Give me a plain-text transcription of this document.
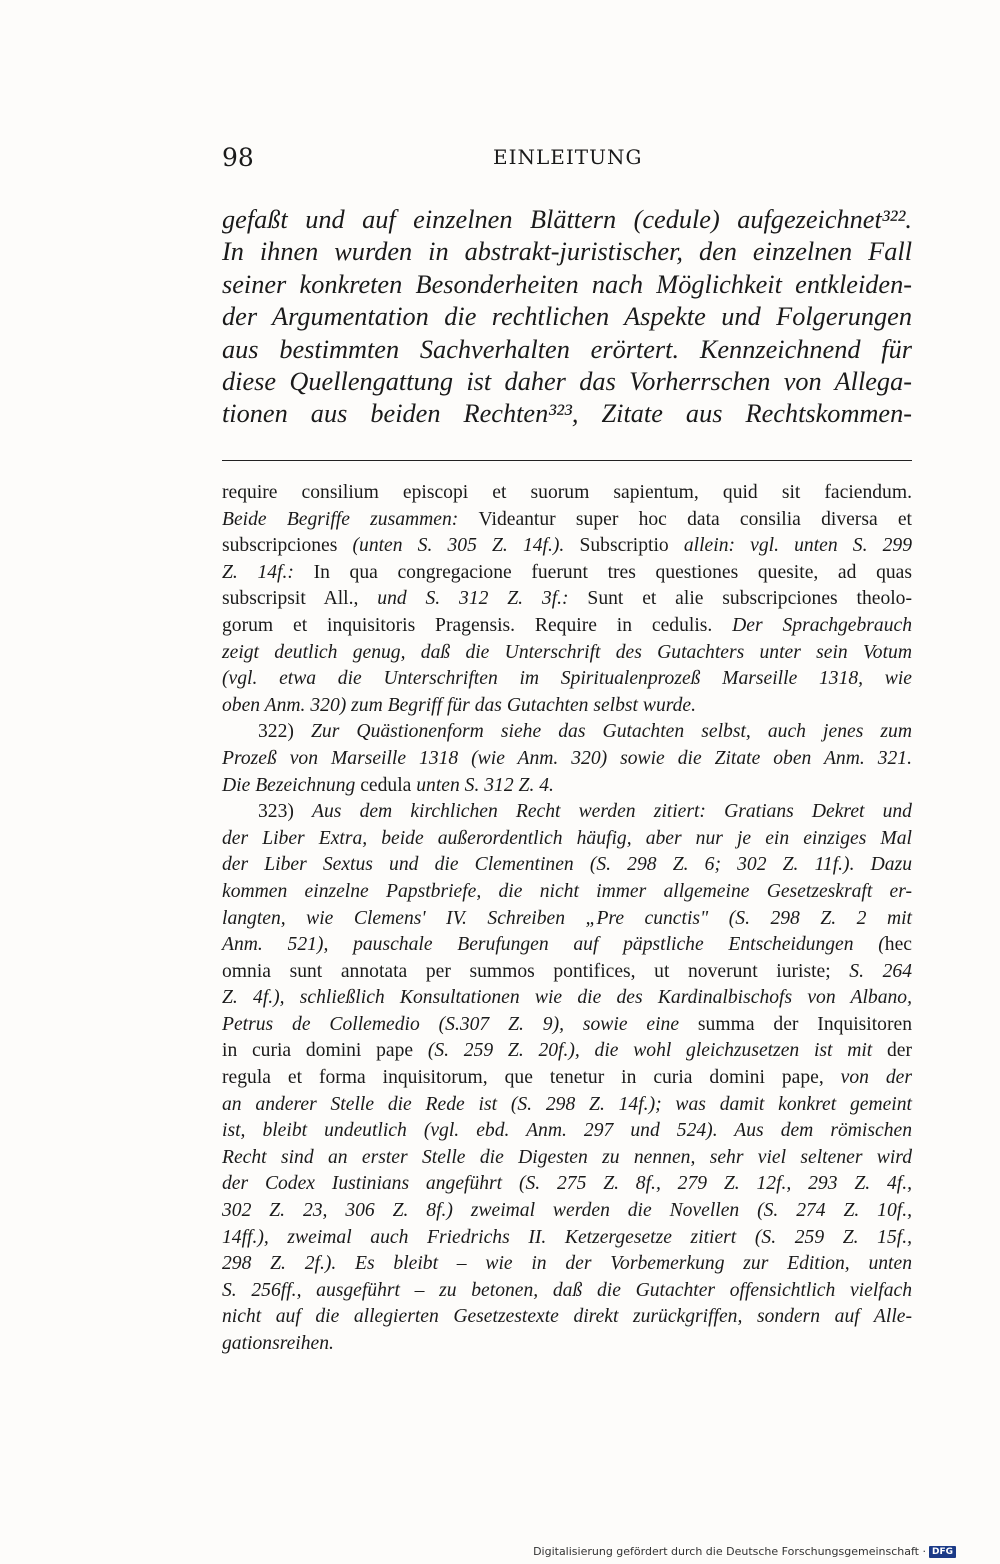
98	EINLEITUNG
gefaßt und auf einzelnen Blättern (cedule) aufgezeichnet³²².
In ihnen wurden in abstrakt-juristischer, den einzelnen Fall
seiner konkreten Besonderheiten nach Möglichkeit entkleiden-
der Argumentation die rechtlichen Aspekte und Folgerungen
aus bestimmten Sachverhalten erörtert. Kennzeichnend für
diese Quellengattung ist daher das Vorherrschen von Allega-
tionen aus beiden Rechten³²³, Zitate aus Rechtskommen-
require consilium episcopi et suorum sapientum, quid sit faciendum.
Beide Begriffe zusammen: Videantur super hoc data consilia diversa et
subscripciones (unten S. 305 Z. 14f.). Subscriptio allein: vgl. unten S. 299
Z. 14f.: In qua congregacione fuerunt tres questiones quesite, ad quas
subscripsit All., und S. 312 Z. 3f.: Sunt et alie subscripciones theolo-
gorum et inquisitoris Pragensis. Require in cedulis. Der Sprachgebrauch
zeigt deutlich genug, daß die Unterschrift des Gutachters unter sein Votum
(vgl. etwa die Unterschriften im Spiritualenprozeß Marseille 1318, wie
oben Anm. 320) zum Begriff für das Gutachten selbst wurde.
322) Zur Quästionenform siehe das Gutachten selbst, auch jenes zum
Prozeß von Marseille 1318 (wie Anm. 320) sowie die Zitate oben Anm. 321.
Die Bezeichnung cedula unten S. 312 Z. 4.
323) Aus dem kirchlichen Recht werden zitiert: Gratians Dekret und
der Liber Extra, beide außerordentlich häufig, aber nur je ein einziges Mal
der Liber Sextus und die Clementinen (S. 298 Z. 6; 302 Z. 11f.). Dazu
kommen einzelne Papstbriefe, die nicht immer allgemeine Gesetzeskraft er-
langten, wie Clemens' IV. Schreiben „Pre cunctis" (S. 298 Z. 2 mit
Anm. 521), pauschale Berufungen auf päpstliche Entscheidungen (hec
omnia sunt annotata per summos pontifices, ut noverunt iuriste; S. 264
Z. 4f.), schließlich Konsultationen wie die des Kardinalbischofs von Albano,
Petrus de Collemedio (S.307 Z. 9), sowie eine summa der Inquisitoren
in curia domini pape (S. 259 Z. 20f.), die wohl gleichzusetzen ist mit der
regula et forma inquisitorum, que tenetur in curia domini pape, von der
an anderer Stelle die Rede ist (S. 298 Z. 14f.); was damit konkret gemeint
ist, bleibt undeutlich (vgl. ebd. Anm. 297 und 524). Aus dem römischen
Recht sind an erster Stelle die Digesten zu nennen, sehr viel seltener wird
der Codex Iustinians angeführt (S. 275 Z. 8f., 279 Z. 12f., 293 Z. 4f.,
302 Z. 23, 306 Z. 8f.) zweimal werden die Novellen (S. 274 Z. 10f.,
14ff.), zweimal auch Friedrichs II. Ketzergesetze zitiert (S. 259 Z. 15f.,
298 Z. 2f.). Es bleibt – wie in der Vorbemerkung zur Edition, unten
S. 256ff., ausgeführt – zu betonen, daß die Gutachter offensichtlich vielfach
nicht auf die allegierten Gesetzestexte direkt zurückgriffen, sondern auf Alle-
gationsreihen.
Digitalisierung gefördert durch die Deutsche Forschungsgemeinschaft · DFG
